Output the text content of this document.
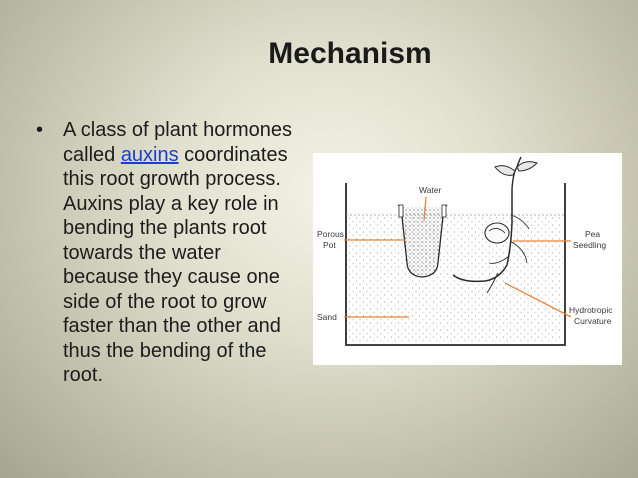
Mechanism
• A class of plant hormones
called auxins coordinates
this root growth process.
Auxins play a key role in
bending the plants root
towards the water
because they cause one
side of the root to grow
faster than the other and
thus the bending of the
root.
Water
Porous
Pot
Pea
Seedling
Sand
Hydrotropic
Curvature
